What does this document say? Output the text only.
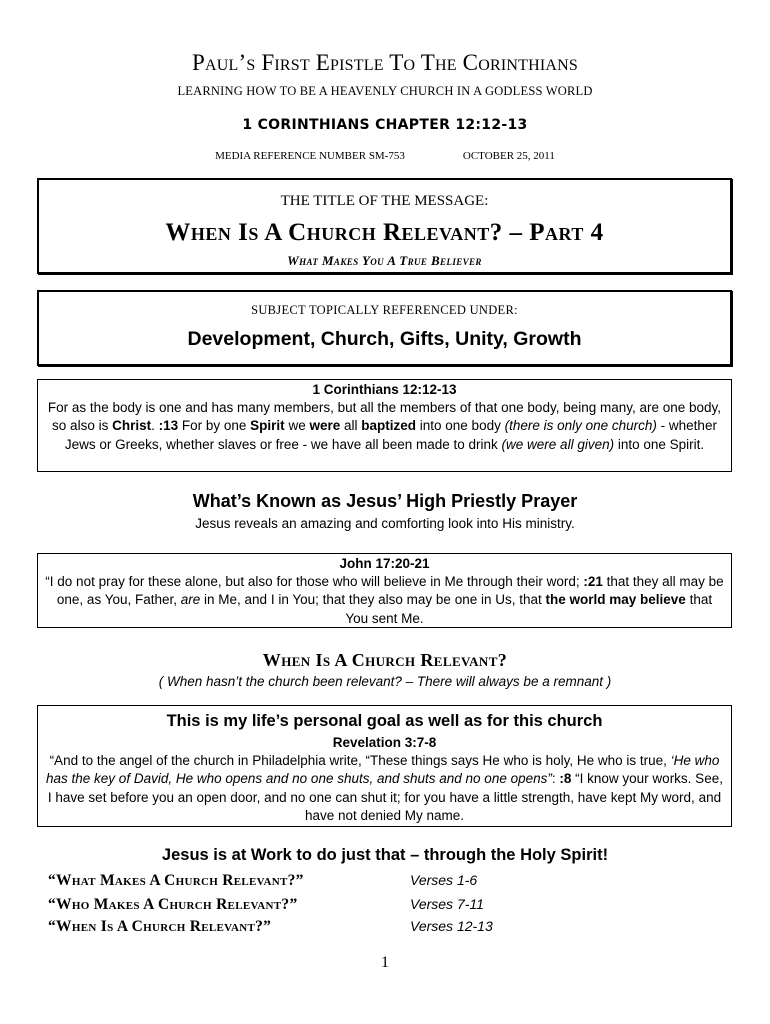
Paul’s First Epistle To The Corinthians
LEARNING HOW TO BE A HEAVENLY CHURCH IN A GODLESS WORLD
1 CORINTHIANS CHAPTER 12:12-13
MEDIA REFERENCE NUMBER SM-753	OCTOBER 25, 2011
THE TITLE OF THE MESSAGE:
When Is A Church Relevant? – Part 4
What Makes You A True Believer
SUBJECT TOPICALLY REFERENCED UNDER:
Development, Church, Gifts, Unity, Growth
1 Corinthians 12:12-13
For as the body is one and has many members, but all the members of that one body, being many, are one body, so also is Christ. :13 For by one Spirit we were all baptized into one body (there is only one church) - whether Jews or Greeks, whether slaves or free - we have all been made to drink (we were all given) into one Spirit.
What’s Known as Jesus’ High Priestly Prayer
Jesus reveals an amazing and comforting look into His ministry.
John 17:20-21
“I do not pray for these alone, but also for those who will believe in Me through their word; :21 that they all may be one, as You, Father, are in Me, and I in You; that they also may be one in Us, that the world may believe that You sent Me.
When Is A Church Relevant?
( When hasn’t the church been relevant? – There will always be a remnant )
This is my life’s personal goal as well as for this church
Revelation 3:7-8
“And to the angel of the church in Philadelphia write, “These things says He who is holy, He who is true, ‘He who has the key of David, He who opens and no one shuts, and shuts and no one opens”: :8 “I know your works. See, I have set before you an open door, and no one can shut it; for you have a little strength, have kept My word, and have not denied My name.
Jesus is at Work to do just that – through the Holy Spirit!
“What Makes A Church Relevant?”	Verses 1-6
“Who Makes A Church Relevant?”	Verses 7-11
“When Is A Church Relevant?”	Verses 12-13
1
